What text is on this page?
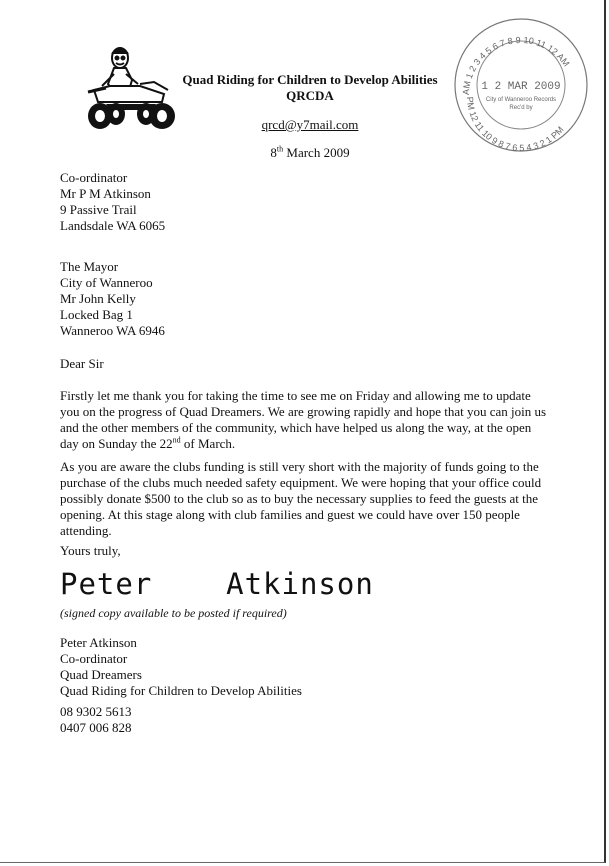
Quad Riding for Children to Develop Abilities
QRCDA
qrcd@y7mail.com
8th March 2009
AM 1 2 3 4 5 6 7 8 9 10 11 12 AM
PM 12 11 10 9 8 7 6 5 4 3 2 1 PM
1 2 MAR 2009
City of Wanneroo Records
Rec'd by
Co-ordinator
Mr P M Atkinson
9 Passive Trail
Landsdale WA 6065
The Mayor
City of Wanneroo
Mr John Kelly
Locked Bag 1
Wanneroo WA 6946
Dear Sir

Firstly let me thank you for taking the time to see me on Friday and allowing me to update you on the progress of Quad Dreamers. We are growing rapidly and hope that you can join us and the other members of the community, which have helped us along the way, at the open day on Sunday the 22nd of March.

As you are aware the clubs funding is still very short with the majority of funds going to the purchase of the clubs much needed safety equipment. We were hoping that your office could possibly donate $500 to the club so as to buy the necessary supplies to feed the guests at the opening. At this stage along with club families and guest we could have over 150 people attending.

Yours truly,
Peter    Atkinson
(signed copy available to be posted if required)
Peter Atkinson
Co-ordinator
Quad Dreamers
Quad Riding for Children to Develop Abilities
08 9302 5613
0407 006 828
